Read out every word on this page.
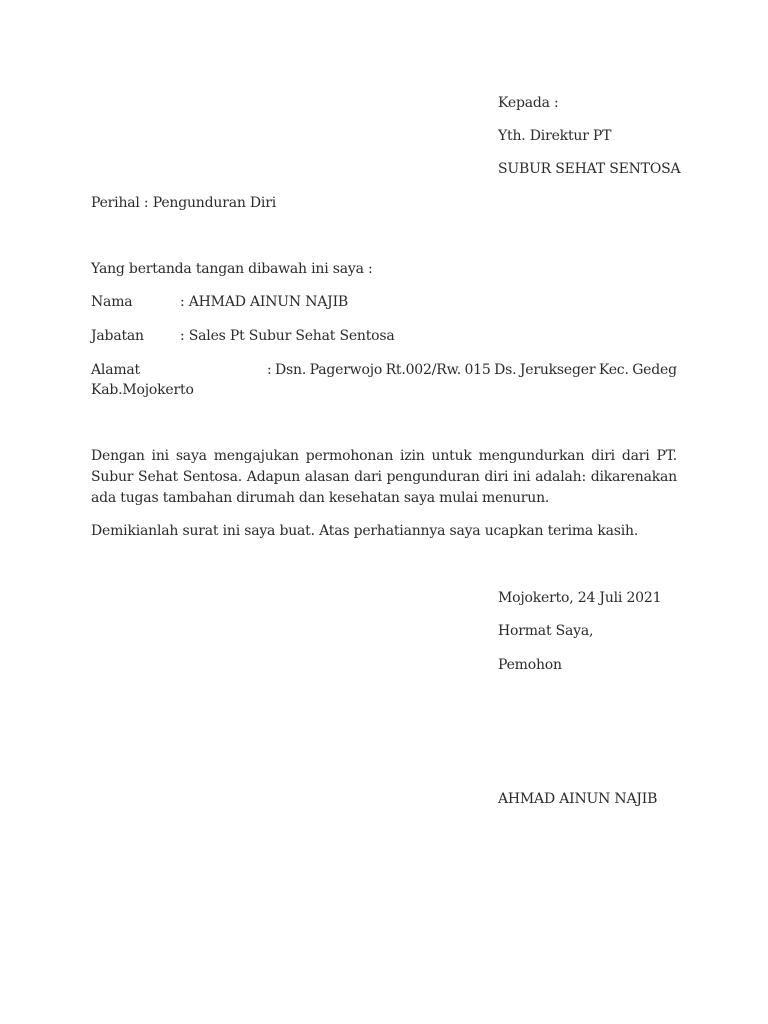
Kepada :
Yth. Direktur PT
SUBUR SEHAT SENTOSA
Perihal : Pengunduran Diri
Yang bertanda tangan dibawah ini saya :
Nama	: AHMAD AINUN NAJIB
Jabatan	: Sales Pt Subur Sehat Sentosa
Alamat	: Dsn. Pagerwojo Rt.002/Rw. 015 Ds. Jerukseger Kec. Gedeg
Kab.Mojokerto
Dengan ini saya mengajukan permohonan izin untuk mengundurkan diri dari PT. Subur Sehat Sentosa. Adapun alasan dari pengunduran diri ini adalah: dikarenakan ada tugas tambahan dirumah dan kesehatan saya mulai menurun.
Demikianlah surat ini saya buat. Atas perhatiannya saya ucapkan terima kasih.
Mojokerto, 24 Juli 2021
Hormat Saya,
Pemohon
AHMAD AINUN NAJIB
